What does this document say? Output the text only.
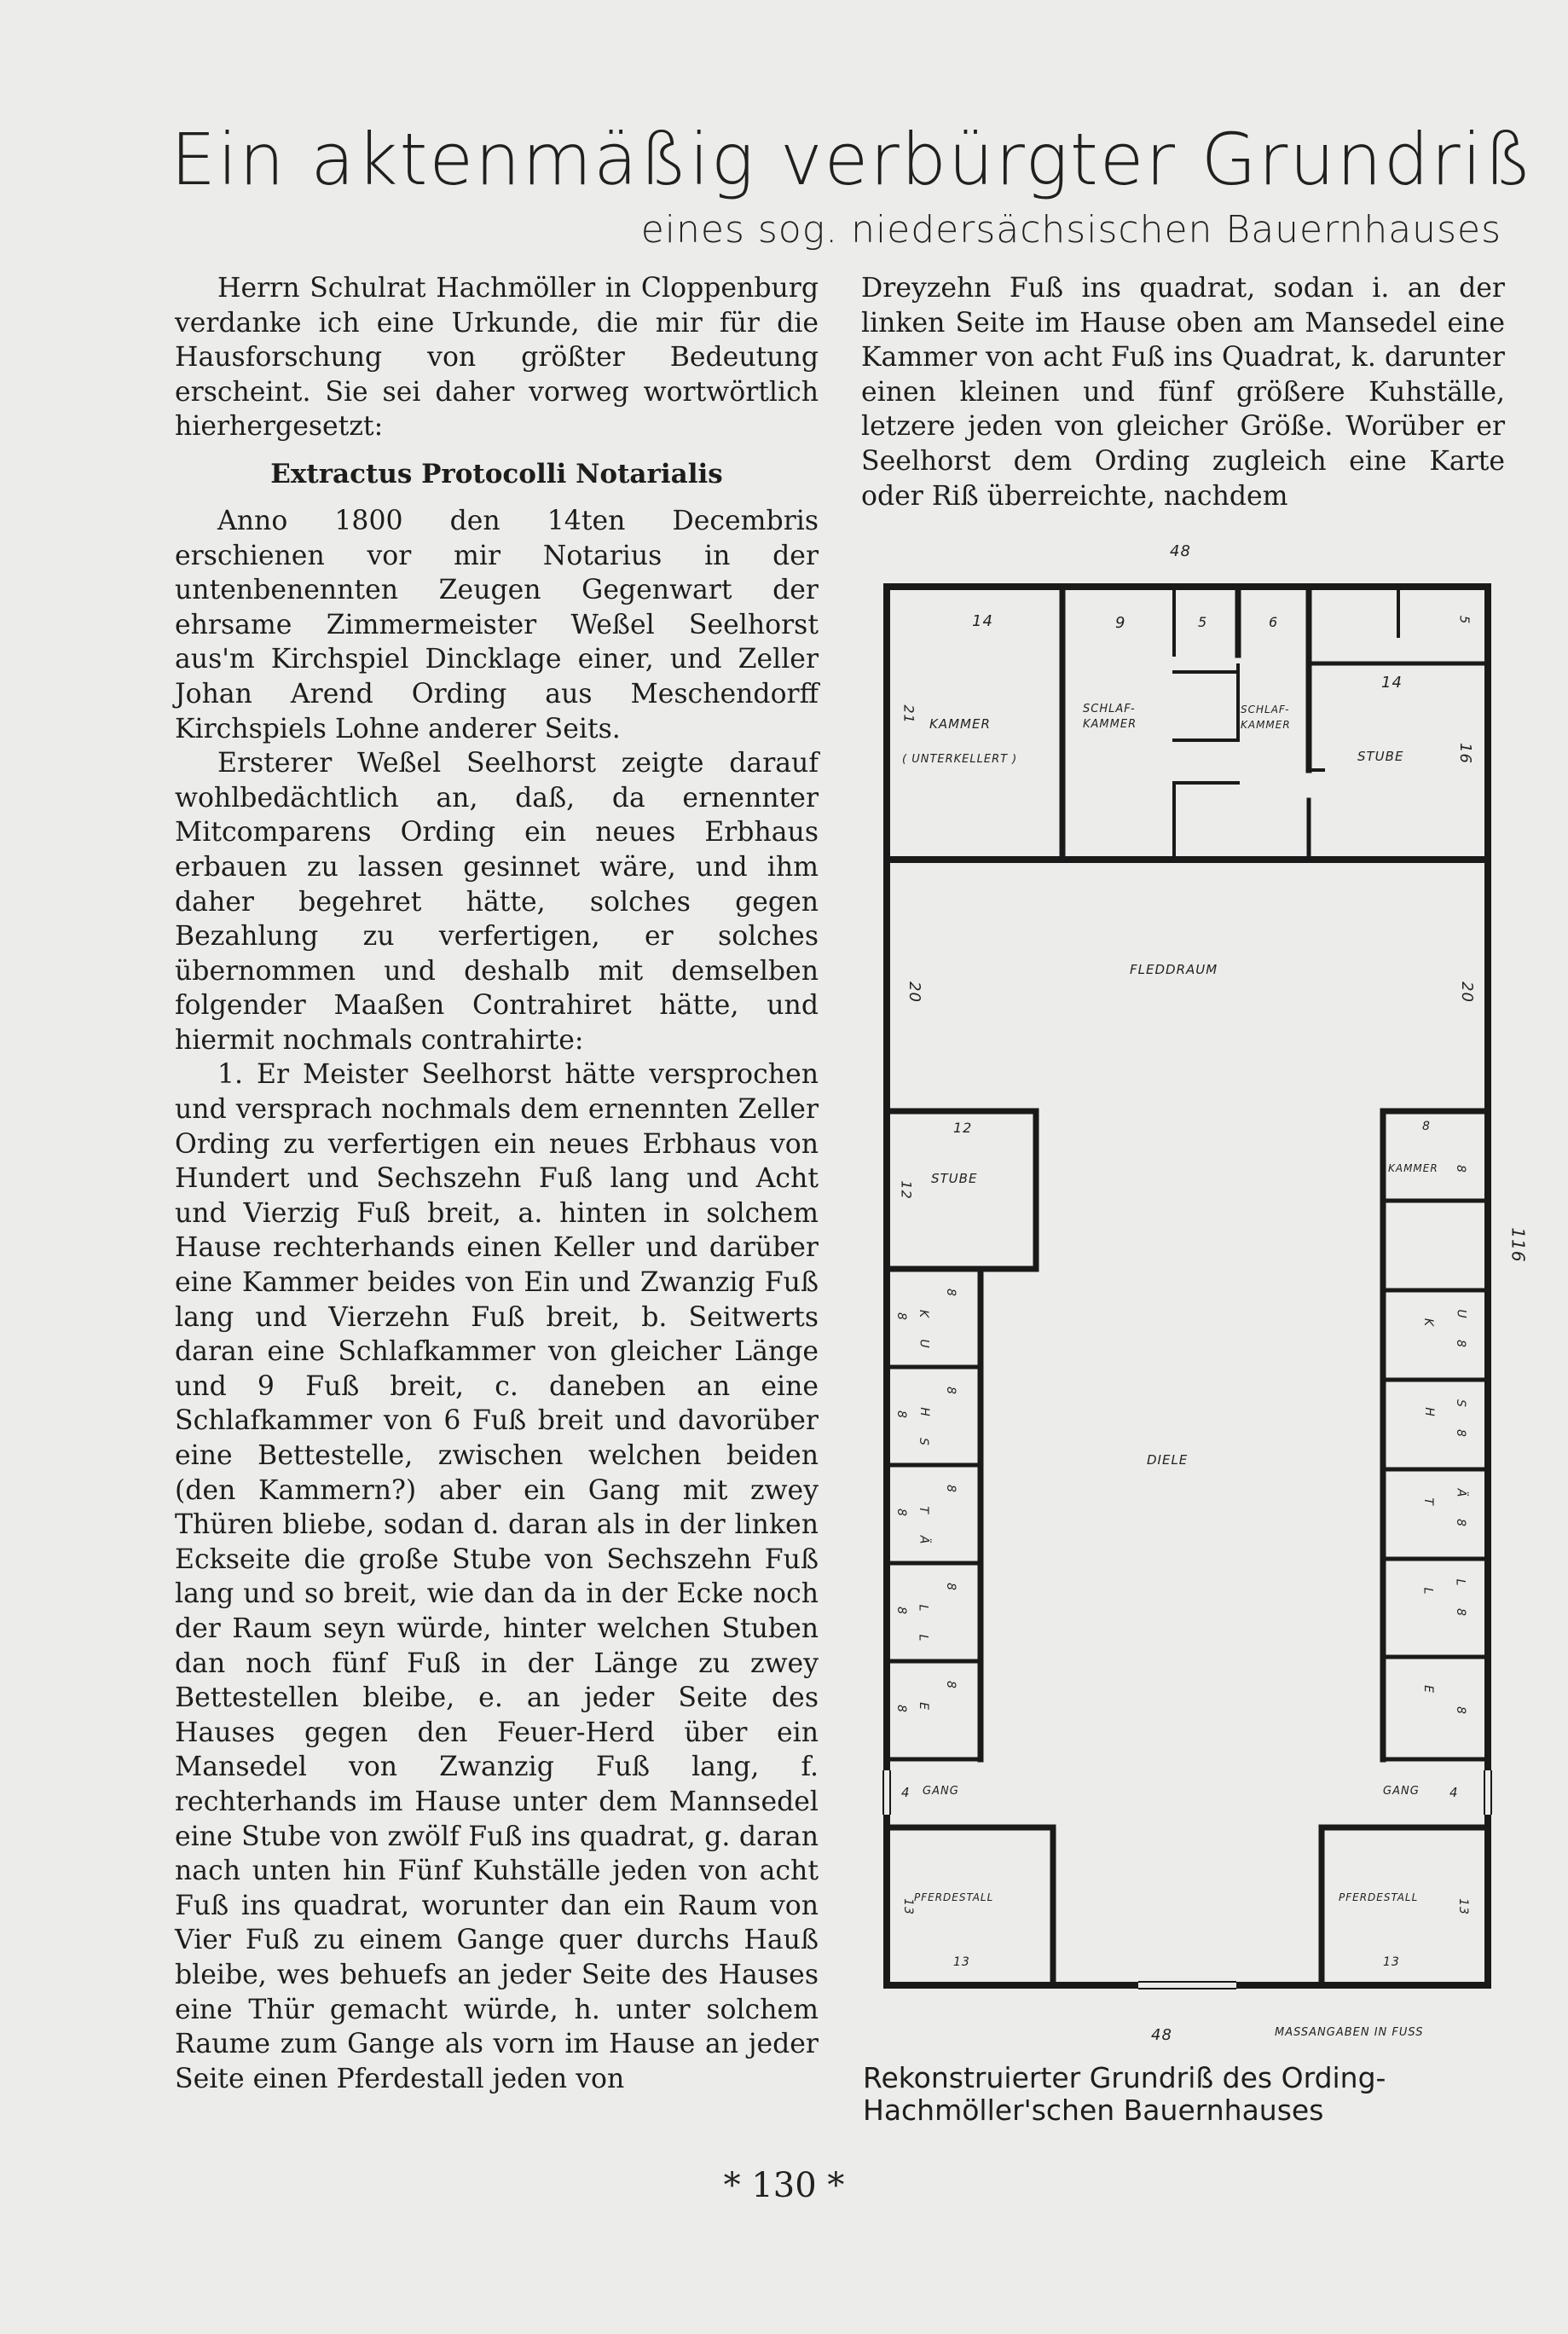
Ein aktenmäßig verbürgter Grundriß
eines sog. niedersächsischen Bauernhauses

Herrn Schulrat Hachmöller in Cloppenburg verdanke ich eine Urkunde, die mir für die Hausforschung von größter Bedeutung erscheint. Sie sei daher vorweg wortwörtlich hierhergesetzt:

Extractus Protocolli Notarialis

Anno 1800 den 14ten Decembris erschienen vor mir Notarius in der untenbenennten Zeugen Gegenwart der ehrsame Zimmermeister Weßel Seelhorst aus'm Kirchspiel Dincklage einer, und Zeller Johan Arend Ording aus Meschendorff Kirchspiels Lohne anderer Seits.

Ersterer Weßel Seelhorst zeigte darauf wohlbedächtlich an, daß, da ernennter Mitcomparens Ording ein neues Erbhaus erbauen zu lassen gesinnet wäre, und ihm daher begehret hätte, solches gegen Bezahlung zu verfertigen, er solches übernommen und deshalb mit demselben folgender Maaßen Contrahiret hätte, und hiermit nochmals contrahirte:

1. Er Meister Seelhorst hätte versprochen und versprach nochmals dem ernennten Zeller Ording zu verfertigen ein neues Erbhaus von Hundert und Sechszehn Fuß lang und Acht und Vierzig Fuß breit, a. hinten in solchem Hause rechterhands einen Keller und darüber eine Kammer beides von Ein und Zwanzig Fuß lang und Vierzehn Fuß breit, b. Seitwerts daran eine Schlafkammer von gleicher Länge und 9 Fuß breit, c. daneben an eine Schlafkammer von 6 Fuß breit und davorüber eine Bettestelle, zwischen welchen beiden (den Kammern?) aber ein Gang mit zwey Thüren bliebe, sodan d. daran als in der linken Eckseite die große Stube von Sechszehn Fuß lang und so breit, wie dan da in der Ecke noch der Raum seyn würde, hinter welchen Stuben dan noch fünf Fuß in der Länge zu zwey Bettestellen bleibe, e. an jeder Seite des Hauses gegen den Feuer-Herd über ein Mansedel von Zwanzig Fuß lang, f. rechterhands im Hause unter dem Mannsedel eine Stube von zwölf Fuß ins quadrat, g. daran nach unten hin Fünf Kuhställe jeden von acht Fuß ins quadrat, worunter dan ein Raum von Vier Fuß zu einem Gange quer durchs Hauß bleibe, wes behuefs an jeder Seite des Hauses eine Thür gemacht würde, h. unter solchem Raume zum Gange als vorn im Hause an jeder Seite einen Pferdestall jeden von

Dreyzehn Fuß ins quadrat, sodan i. an der linken Seite im Hause oben am Mansedel eine Kammer von acht Fuß ins Quadrat, k. darunter einen kleinen und fünf größere Kuhställe, letzere jeden von gleicher Größe. Worüber er Seelhorst dem Ording zugleich eine Karte oder Riß überreichte, nachdem

48
14
21
KAMMER
( UNTERKELLERT )
9	5	6
SCHLAF-
KAMMER
SCHLAF-
KAMMER
5
14
STUBE	16
FLEDDRAUM
20	20
12
12
STUBE
8
KAMMER 8
DIELE
4 GANG	GANG 4
PFERDESTALL
13
13
PFERDESTALL
13
13
48	MASSANGABEN IN FUSS
116
8
8
K
U
8
8
H
S
8
8
T
Ä
8
8
L
L
8
8
E
8
K
U
8
H
S
8
T
Ä
8
L
L
8
E
Rekonstruierter Grundriß des Ording-Hachmöller'schen Bauernhauses
* 130 *
